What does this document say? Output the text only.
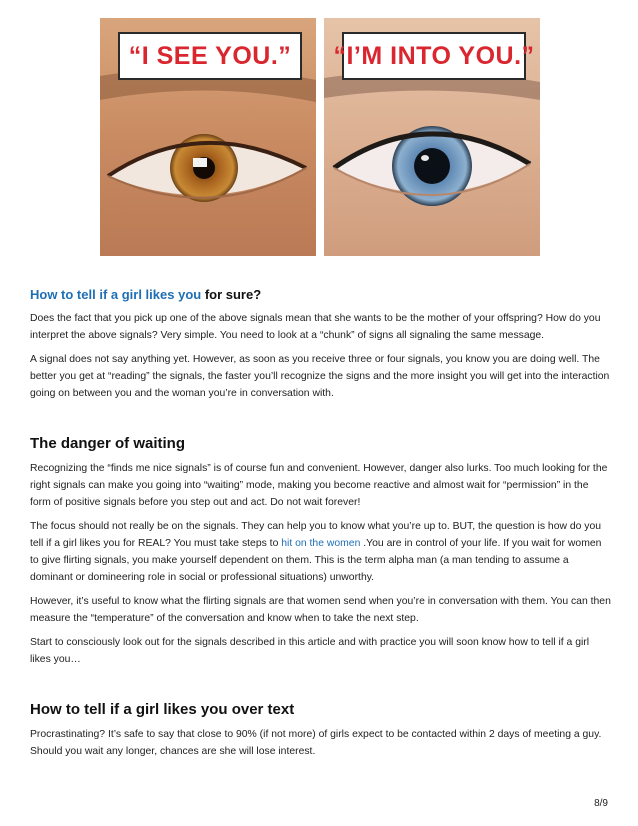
“I SEE YOU.” “I’M INTO YOU.”
How to tell if a girl likes you for sure?

Does the fact that you pick up one of the above signals mean that she wants to be the mother of your offspring? How do you interpret the above signals? Very simple. You need to look at a “chunk” of signs all signaling the same message.

A signal does not say anything yet. However, as soon as you receive three or four signals, you know you are doing well. The better you get at “reading” the signals, the faster you’ll recognize the signs and the more insight you will get into the interaction going on between you and the woman you’re in conversation with.

The danger of waiting

Recognizing the “finds me nice signals” is of course fun and convenient. However, danger also lurks. Too much looking for the right signals can make you going into “waiting” mode, making you become reactive and almost wait for “permission” in the form of positive signals before you step out and act. Do not wait forever!

The focus should not really be on the signals. They can help you to know what you’re up to. BUT, the question is how do you tell if a girl likes you for REAL? You must take steps to hit on the women .You are in control of your life. If you wait for women to give flirting signals, you make yourself dependent on them. This is the term alpha man (a man tending to assume a dominant or domineering role in social or professional situations) unworthy.

However, it’s useful to know what the flirting signals are that women send when you’re in conversation with them. You can then measure the “temperature” of the conversation and know when to take the next step.

Start to consciously look out for the signals described in this article and with practice you will soon know how to tell if a girl likes you…

How to tell if a girl likes you over text

Procrastinating? It’s safe to say that close to 90% (if not more) of girls expect to be contacted within 2 days of meeting a guy. Should you wait any longer, chances are she will lose interest.

8/9
